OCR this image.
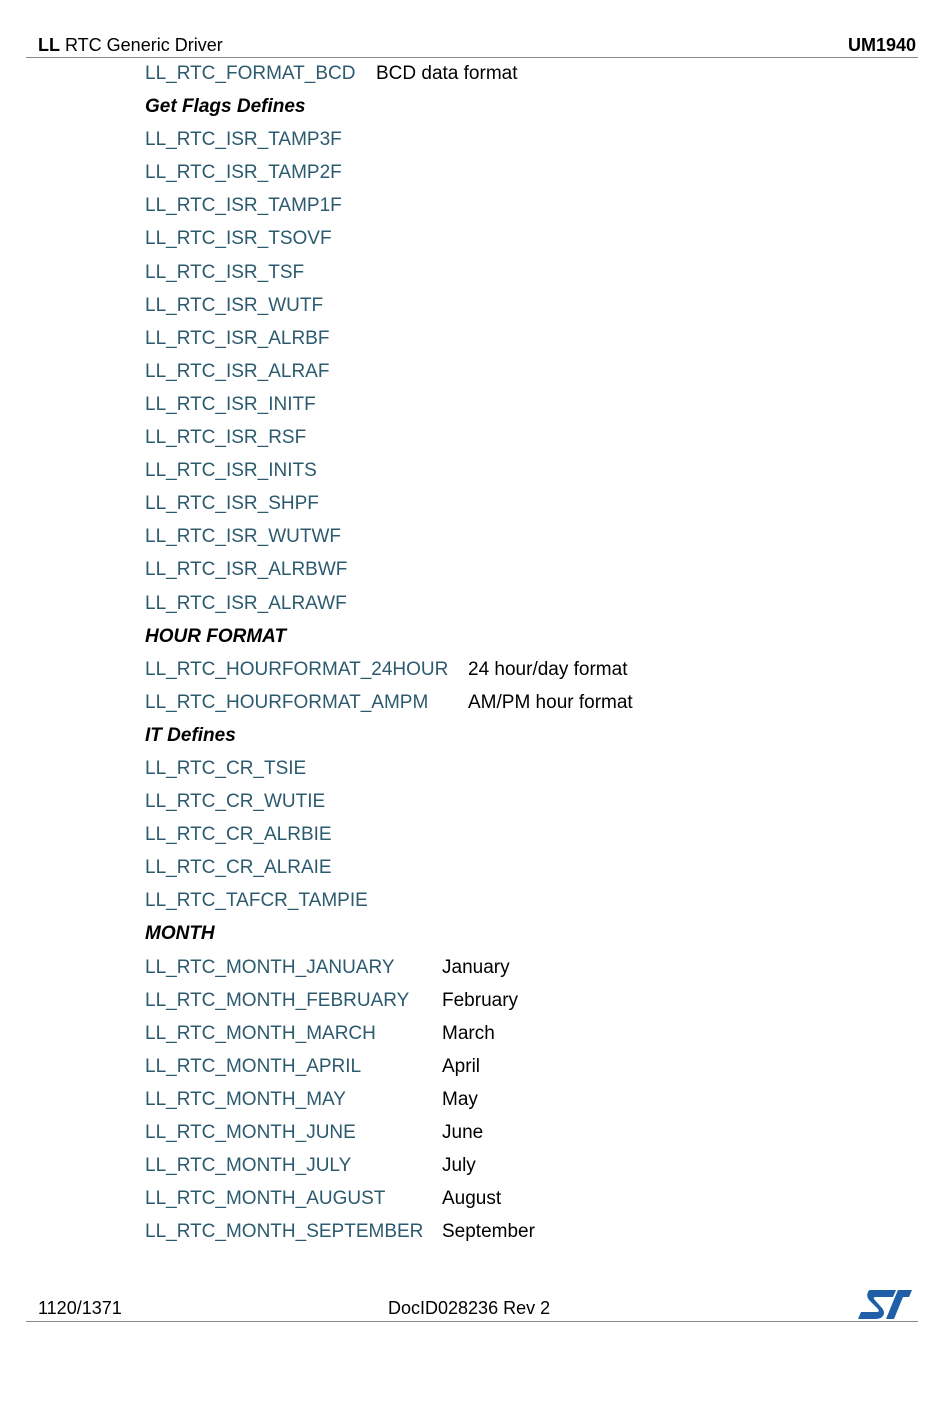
LL RTC Generic Driver	UM1940
LL_RTC_FORMAT_BCD BCD data format
Get Flags Defines
LL_RTC_ISR_TAMP3F
LL_RTC_ISR_TAMP2F
LL_RTC_ISR_TAMP1F
LL_RTC_ISR_TSOVF
LL_RTC_ISR_TSF
LL_RTC_ISR_WUTF
LL_RTC_ISR_ALRBF
LL_RTC_ISR_ALRAF
LL_RTC_ISR_INITF
LL_RTC_ISR_RSF
LL_RTC_ISR_INITS
LL_RTC_ISR_SHPF
LL_RTC_ISR_WUTWF
LL_RTC_ISR_ALRBWF
LL_RTC_ISR_ALRAWF
HOUR FORMAT
LL_RTC_HOURFORMAT_24HOUR 24 hour/day format
LL_RTC_HOURFORMAT_AMPM AM/PM hour format
IT Defines
LL_RTC_CR_TSIE
LL_RTC_CR_WUTIE
LL_RTC_CR_ALRBIE
LL_RTC_CR_ALRAIE
LL_RTC_TAFCR_TAMPIE
MONTH
LL_RTC_MONTH_JANUARY January
LL_RTC_MONTH_FEBRUARY February
LL_RTC_MONTH_MARCH	March
LL_RTC_MONTH_APRIL	April
LL_RTC_MONTH_MAY	May
LL_RTC_MONTH_JUNE	June
LL_RTC_MONTH_JULY	July
LL_RTC_MONTH_AUGUST	August
LL_RTC_MONTH_SEPTEMBER September
1120/1371	DocID028236 Rev 2
